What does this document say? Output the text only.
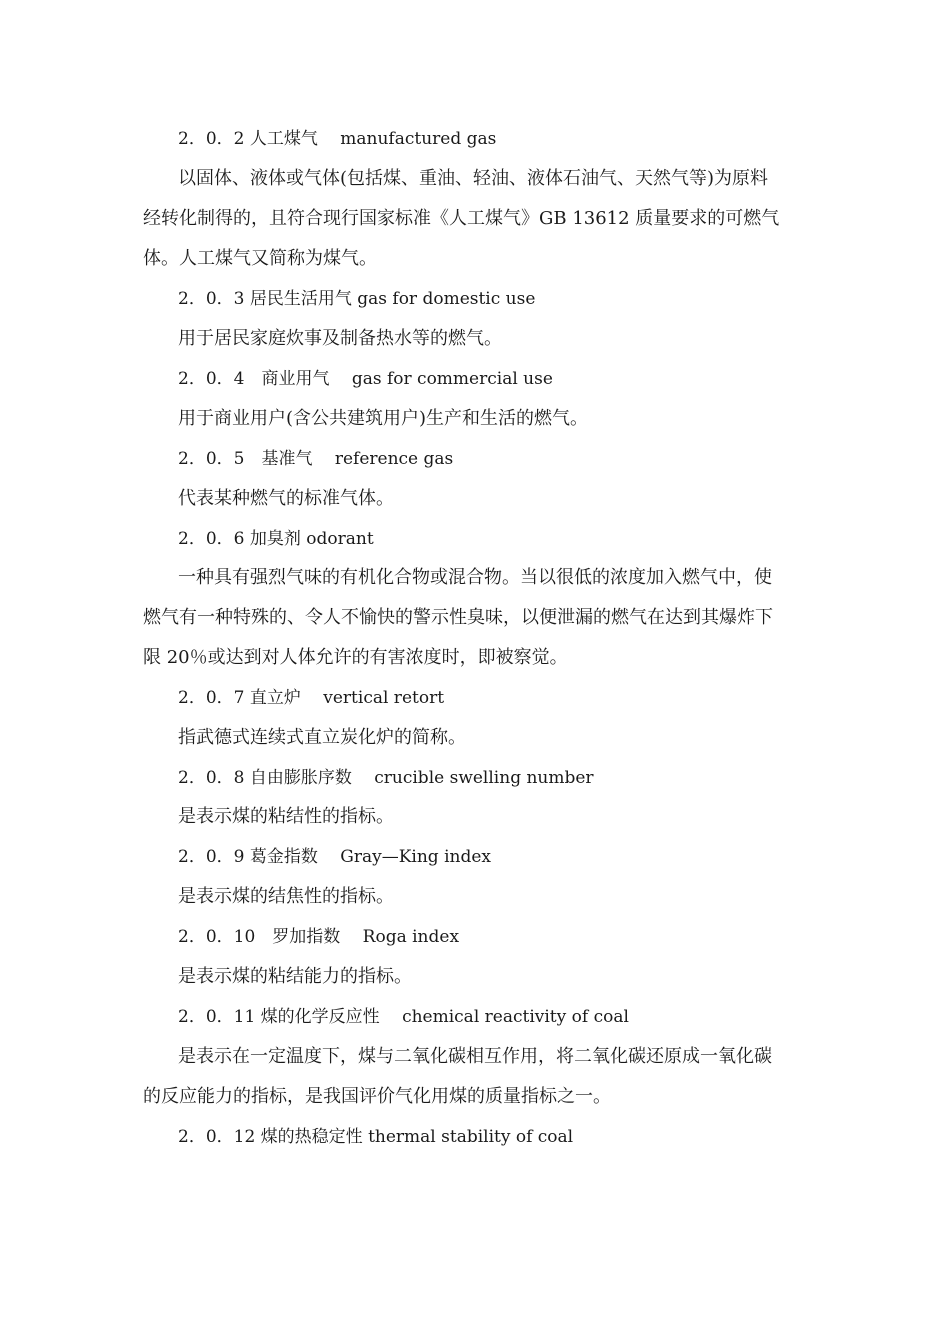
2．0．2 人工煤气　 manufactured gas
以固体、液体或气体(包括煤、重油、轻油、液体石油气、天然气等)为原料
经转化制得的，且符合现行国家标准《人工煤气》GB 13612 质量要求的可燃气
体。人工煤气又简称为煤气。
2．0．3 居民生活用气 gas for domestic use
用于居民家庭炊事及制备热水等的燃气。
2．0．4　商业用气　 gas for commercial use
用于商业用户(含公共建筑用户)生产和生活的燃气。
2．0．5　基准气　 reference gas
代表某种燃气的标准气体。
2．0．6 加臭剂 odorant
一种具有强烈气味的有机化合物或混合物。当以很低的浓度加入燃气中，使
燃气有一种特殊的、令人不愉快的警示性臭味，以便泄漏的燃气在达到其爆炸下
限 20％或达到对人体允许的有害浓度时，即被察觉。
2．0．7 直立炉　 vertical retort
指武德式连续式直立炭化炉的简称。
2．0．8 自由膨胀序数　 crucible swelling number
是表示煤的粘结性的指标。
2．0．9 葛金指数　 Gray—King index
是表示煤的结焦性的指标。
2．0．10　罗加指数　 Roga index
是表示煤的粘结能力的指标。
2．0．11 煤的化学反应性　 chemical reactivity of coal
是表示在一定温度下，煤与二氧化碳相互作用，将二氧化碳还原成一氧化碳
的反应能力的指标，是我国评价气化用煤的质量指标之一。
2．0．12 煤的热稳定性 thermal stability of coal
